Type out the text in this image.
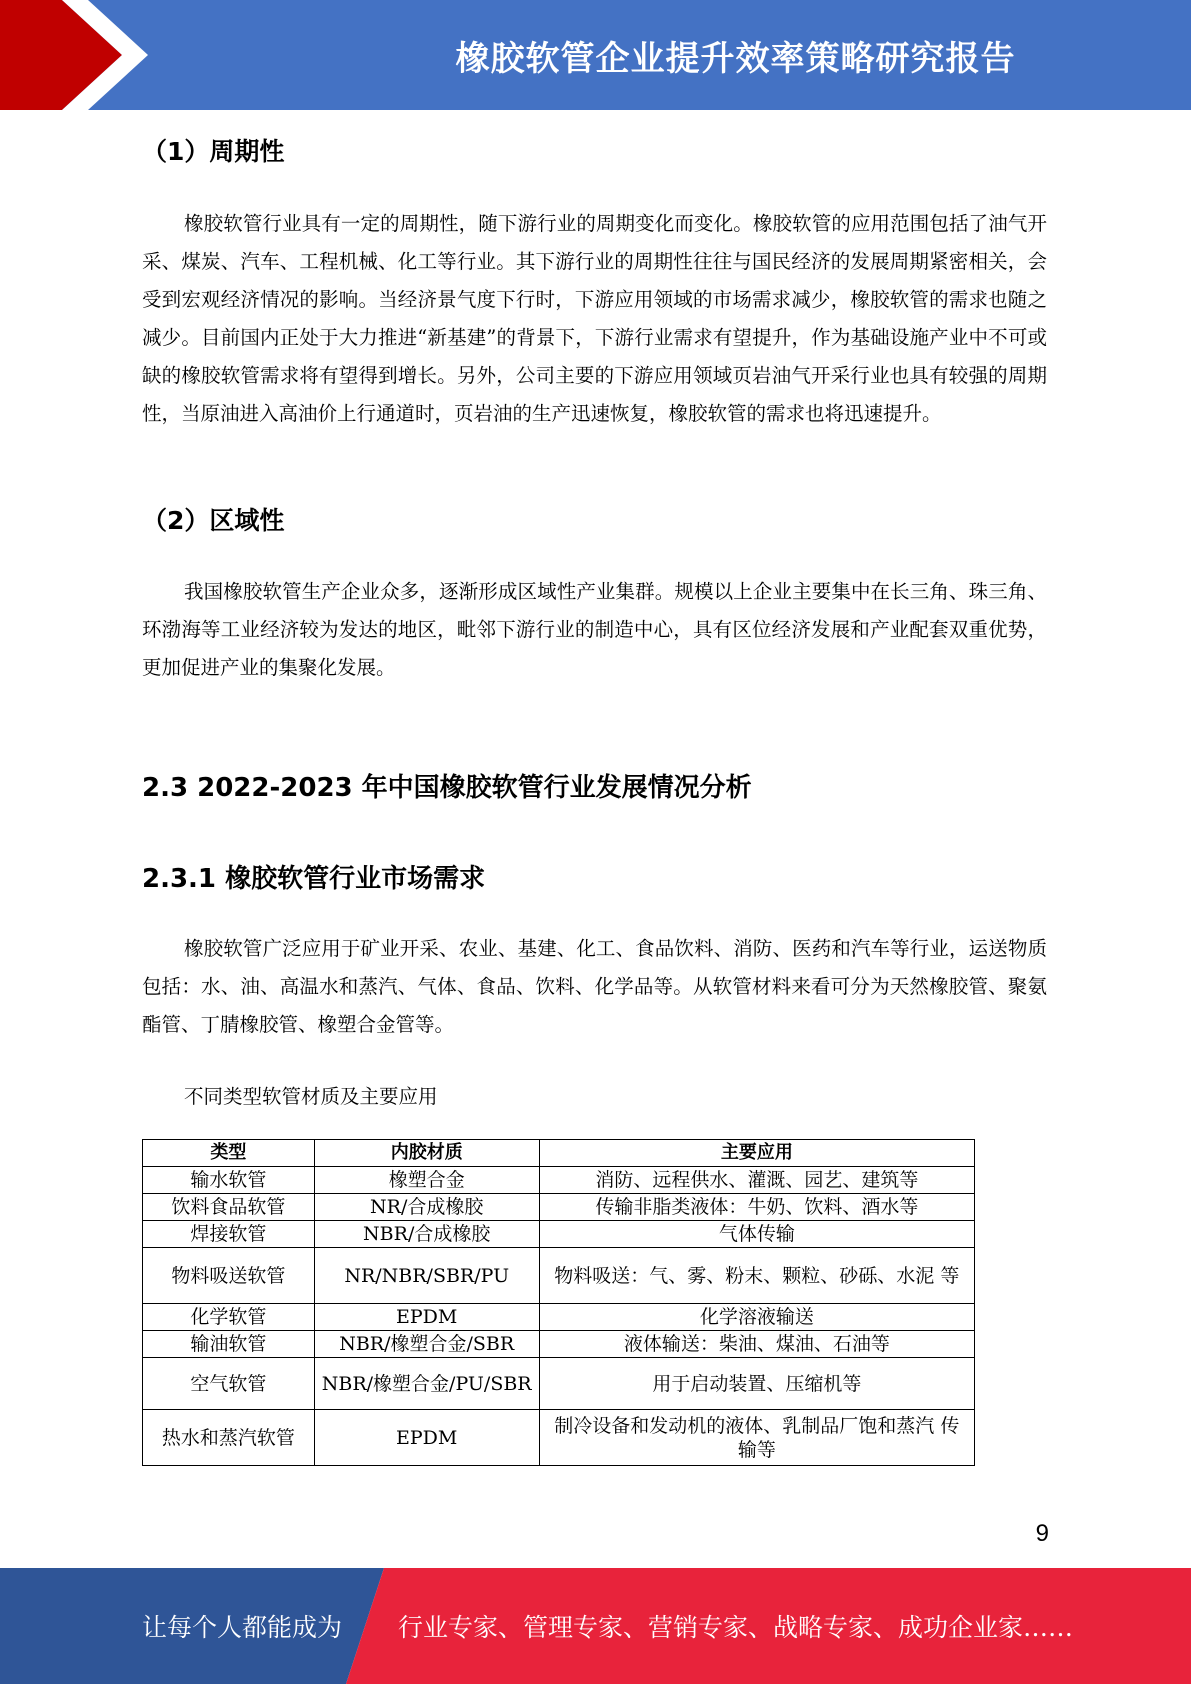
橡胶软管企业提升效率策略研究报告
（1）周期性

橡胶软管行业具有一定的周期性，随下游行业的周期变化而变化。橡胶软管的应用范围包括了油气开采、煤炭、汽车、工程机械、化工等行业。其下游行业的周期性往往与国民经济的发展周期紧密相关，会受到宏观经济情况的影响。当经济景气度下行时，下游应用领域的市场需求减少，橡胶软管的需求也随之减少。目前国内正处于大力推进“新基建”的背景下，下游行业需求有望提升，作为基础设施产业中不可或缺的橡胶软管需求将有望得到增长。另外，公司主要的下游应用领域页岩油气开采行业也具有较强的周期性，当原油进入高油价上行通道时，页岩油的生产迅速恢复，橡胶软管的需求也将迅速提升。

（2）区域性

我国橡胶软管生产企业众多，逐渐形成区域性产业集群。规模以上企业主要集中在长三角、珠三角、环渤海等工业经济较为发达的地区，毗邻下游行业的制造中心，具有区位经济发展和产业配套双重优势，更加促进产业的集聚化发展。

2.3 2022-2023 年中国橡胶软管行业发展情况分析
2.3.1 橡胶软管行业市场需求

橡胶软管广泛应用于矿业开采、农业、基建、化工、食品饮料、消防、医药和汽车等行业，运送物质包括：水、油、高温水和蒸汽、气体、食品、饮料、化学品等。从软管材料来看可分为天然橡胶管、聚氨酯管、丁腈橡胶管、橡塑合金管等。

不同类型软管材质及主要应用
类型	内胶材质	主要应用
输水软管	橡塑合金	消防、远程供水、灌溉、园艺、建筑等
饮料食品软管	NR/合成橡胶	传输非脂类液体：牛奶、饮料、酒水等
焊接软管	NBR/合成橡胶	气体传输
物料吸送软管	NR/NBR/SBR/PU	物料吸送：气、雾、粉末、颗粒、砂砾、水泥 等
化学软管	EPDM	化学溶液输送
输油软管	NBR/橡塑合金/SBR	液体输送：柴油、煤油、石油等
空气软管	NBR/橡塑合金/PU/SBR	用于启动装置、压缩机等
热水和蒸汽软管	EPDM	制冷设备和发动机的液体、乳制品厂饱和蒸汽 传输等
9
让每个人都能成为 行业专家、管理专家、营销专家、战略专家、成功企业家……
